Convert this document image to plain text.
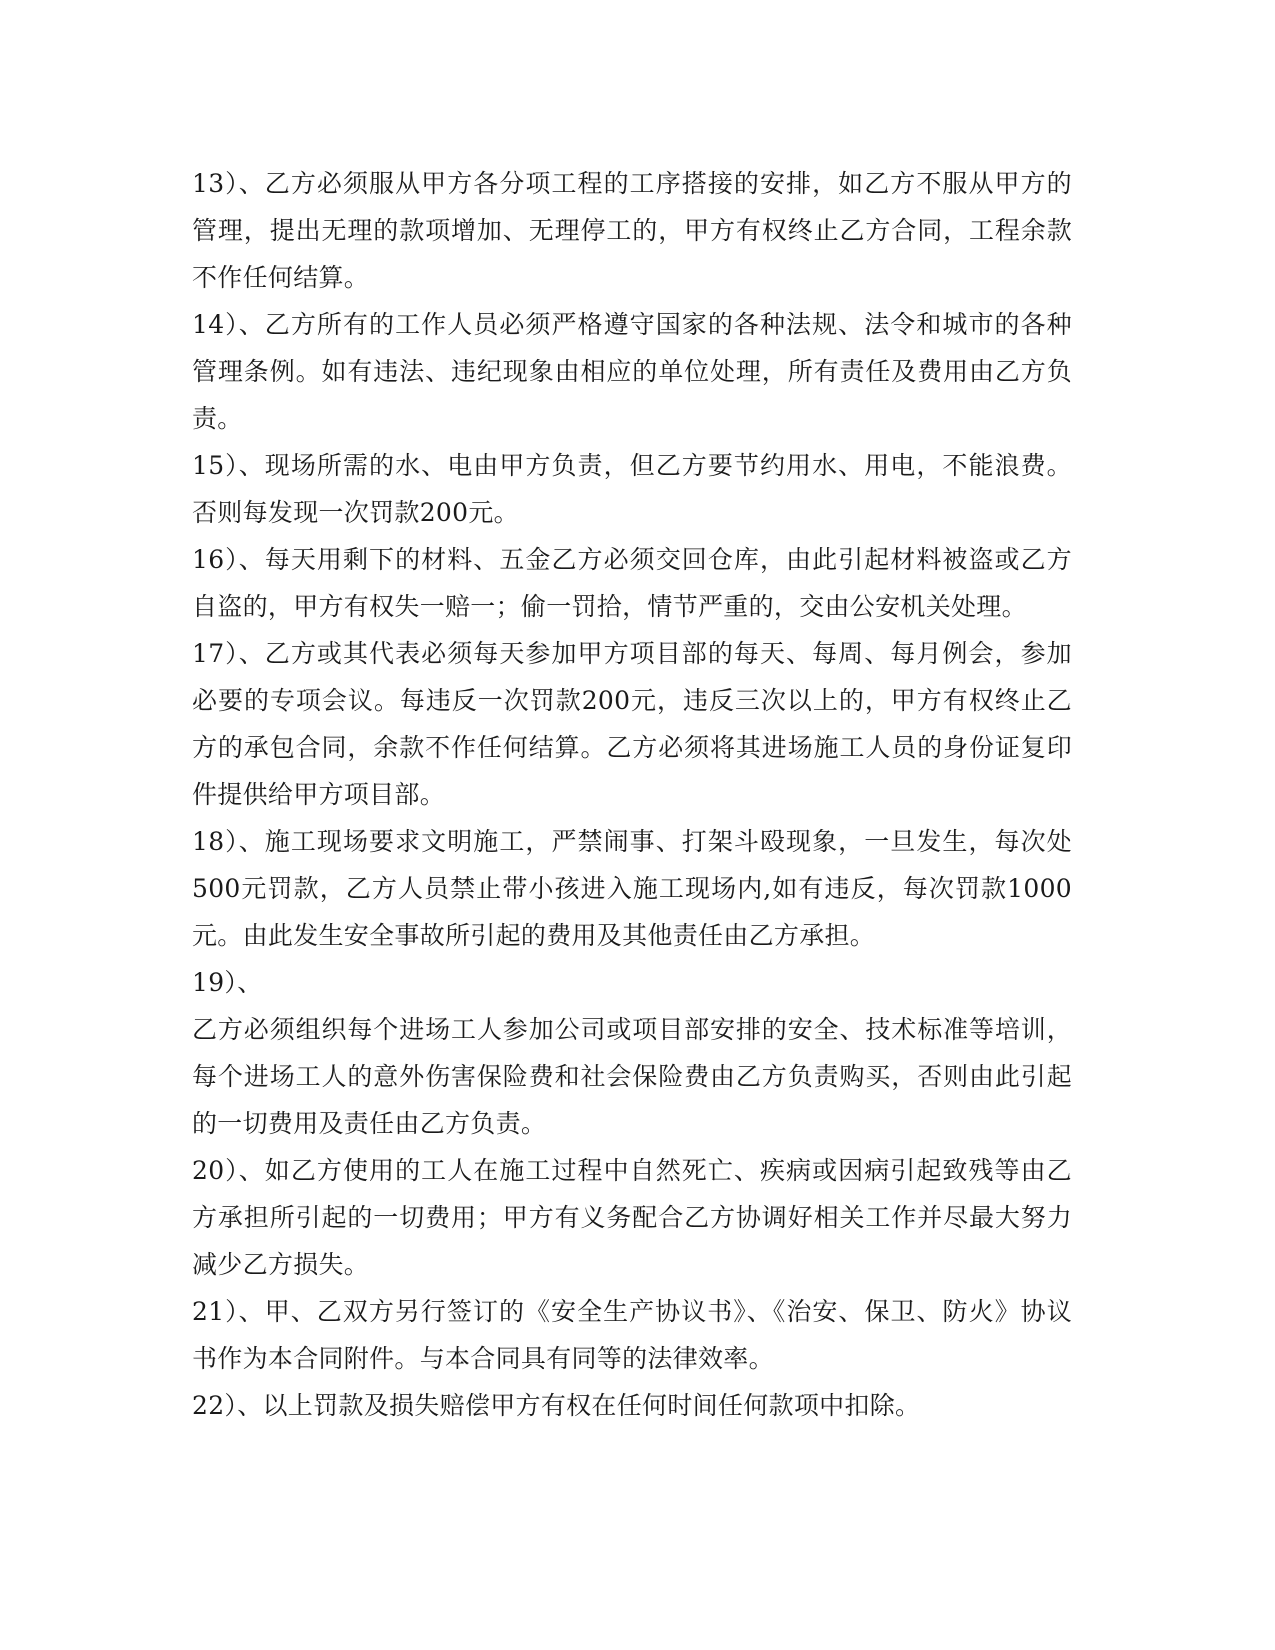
13）、乙方必须服从甲方各分项工程的工序搭接的安排，如乙方不服从甲方的管理，提出无理的款项增加、无理停工的，甲方有权终止乙方合同，工程余款不作任何结算。

14）、乙方所有的工作人员必须严格遵守国家的各种法规、法令和城市的各种管理条例。如有违法、违纪现象由相应的单位处理，所有责任及费用由乙方负责。

15）、现场所需的水、电由甲方负责，但乙方要节约用水、用电，不能浪费。否则每发现一次罚款200元。

16）、每天用剩下的材料、五金乙方必须交回仓库，由此引起材料被盗或乙方自盗的，甲方有权失一赔一；偷一罚拾，情节严重的，交由公安机关处理。

17）、乙方或其代表必须每天参加甲方项目部的每天、每周、每月例会，参加必要的专项会议。每违反一次罚款200元，违反三次以上的，甲方有权终止乙方的承包合同，余款不作任何结算。乙方必须将其进场施工人员的身份证复印件提供给甲方项目部。

18）、施工现场要求文明施工，严禁闹事、打架斗殴现象，一旦发生，每次处500元罚款，乙方人员禁止带小孩进入施工现场内,如有违反，每次罚款1000元。由此发生安全事故所引起的费用及其他责任由乙方承担。

19）、

乙方必须组织每个进场工人参加公司或项目部安排的安全、技术标准等培训，每个进场工人的意外伤害保险费和社会保险费由乙方负责购买，否则由此引起的一切费用及责任由乙方负责。

20）、如乙方使用的工人在施工过程中自然死亡、疾病或因病引起致残等由乙方承担所引起的一切费用；甲方有义务配合乙方协调好相关工作并尽最大努力减少乙方损失。

21）、甲、乙双方另行签订的《安全生产协议书》、《治安、保卫、防火》协议书作为本合同附件。与本合同具有同等的法律效率。

22）、以上罚款及损失赔偿甲方有权在任何时间任何款项中扣除。
